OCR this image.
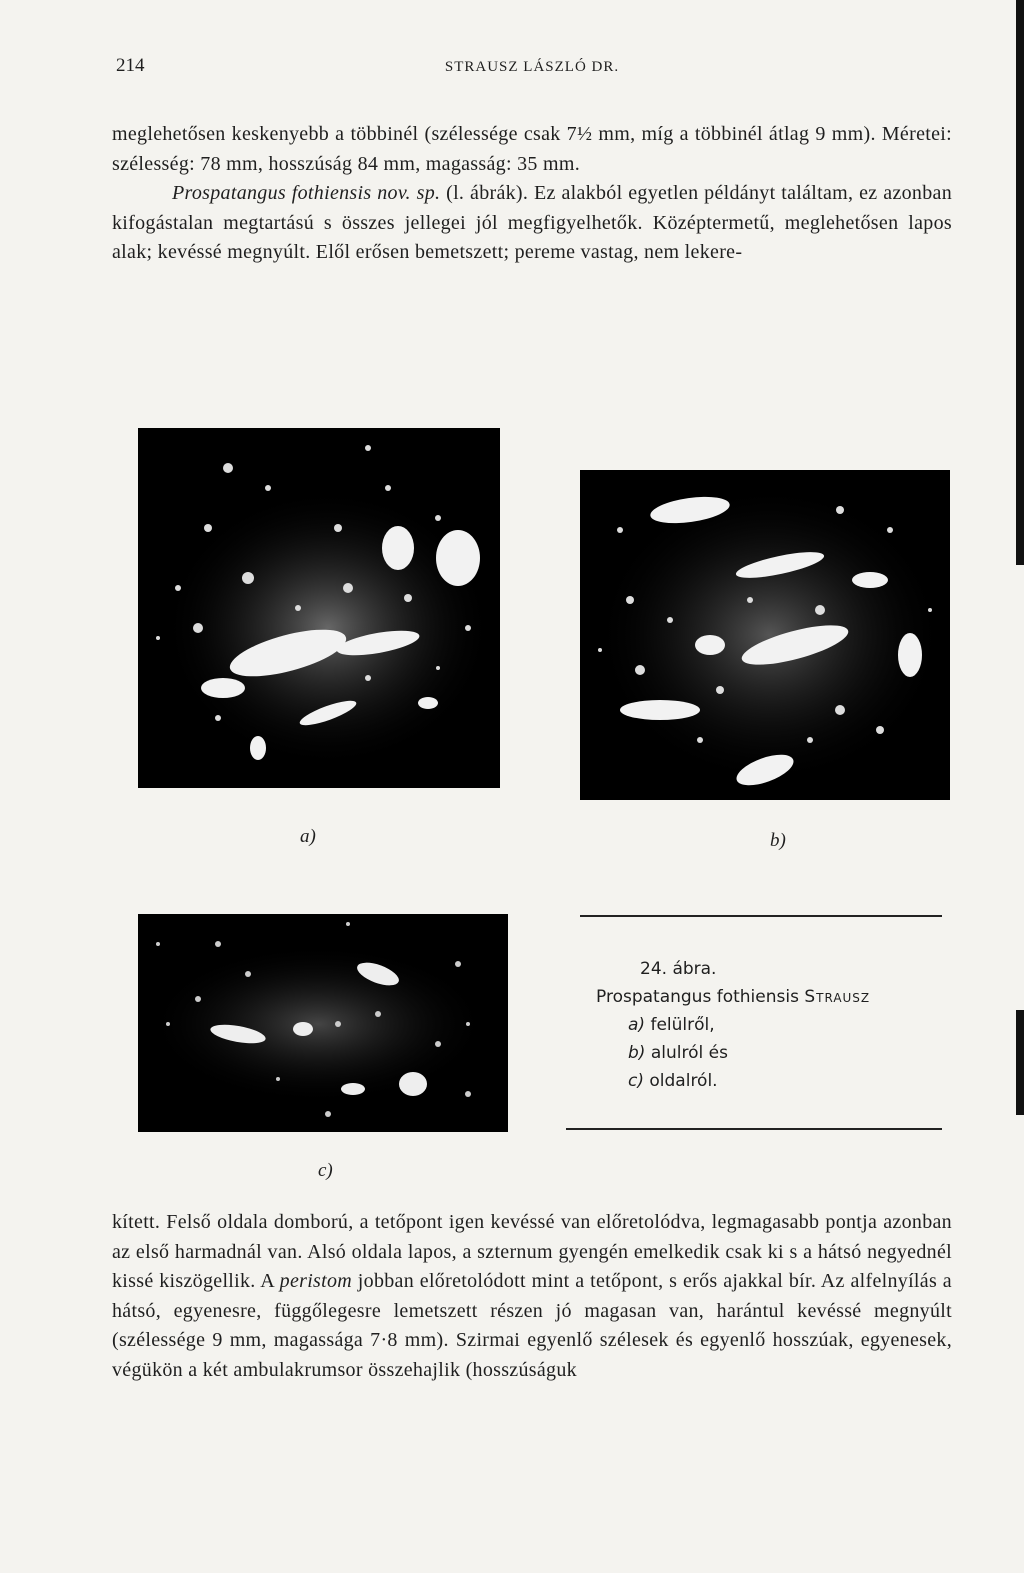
214	STRAUSZ LÁSZLÓ DR.

meglehetősen keskenyebb a többinél (szélessége csak 7½ mm, míg a többinél átlag 9 mm). Méretei: szélesség: 78 mm, hosszúság 84 mm, magasság: 35 mm.

Prospatangus fothiensis nov. sp. (l. ábrák). Ez alakból egyetlen példányt találtam, ez azonban kifogástalan megtartású s összes jellegei jól megfigyelhetők. Középtermetű, meglehetősen lapos alak; kevéssé megnyúlt. Elől erősen bemetszett; pereme vastag, nem lekere-

a)	b)
24. ábra.
Prospatangus fothiensis Strausz
a) felülről,
b) alulról és
c) oldalról.
c)

kített. Felső oldala domború, a tetőpont igen kevéssé van előretolódva, legmagasabb pontja azonban az első harmadnál van. Alsó oldala lapos, a szternum gyengén emelkedik csak ki s a hátsó negyednél kissé kiszögellik. A peristom jobban előretolódott mint a tetőpont, s erős ajakkal bír. Az alfelnyílás a hátsó, egyenesre, függőlegesre lemetszett részen jó magasan van, harántul kevéssé megnyúlt (szélessége 9 mm, magassága 7·8 mm). Szirmai egyenlő szélesek és egyenlő hosszúak, egyenesek, végükön a két ambulakrumsor összehajlik (hosszúságuk
